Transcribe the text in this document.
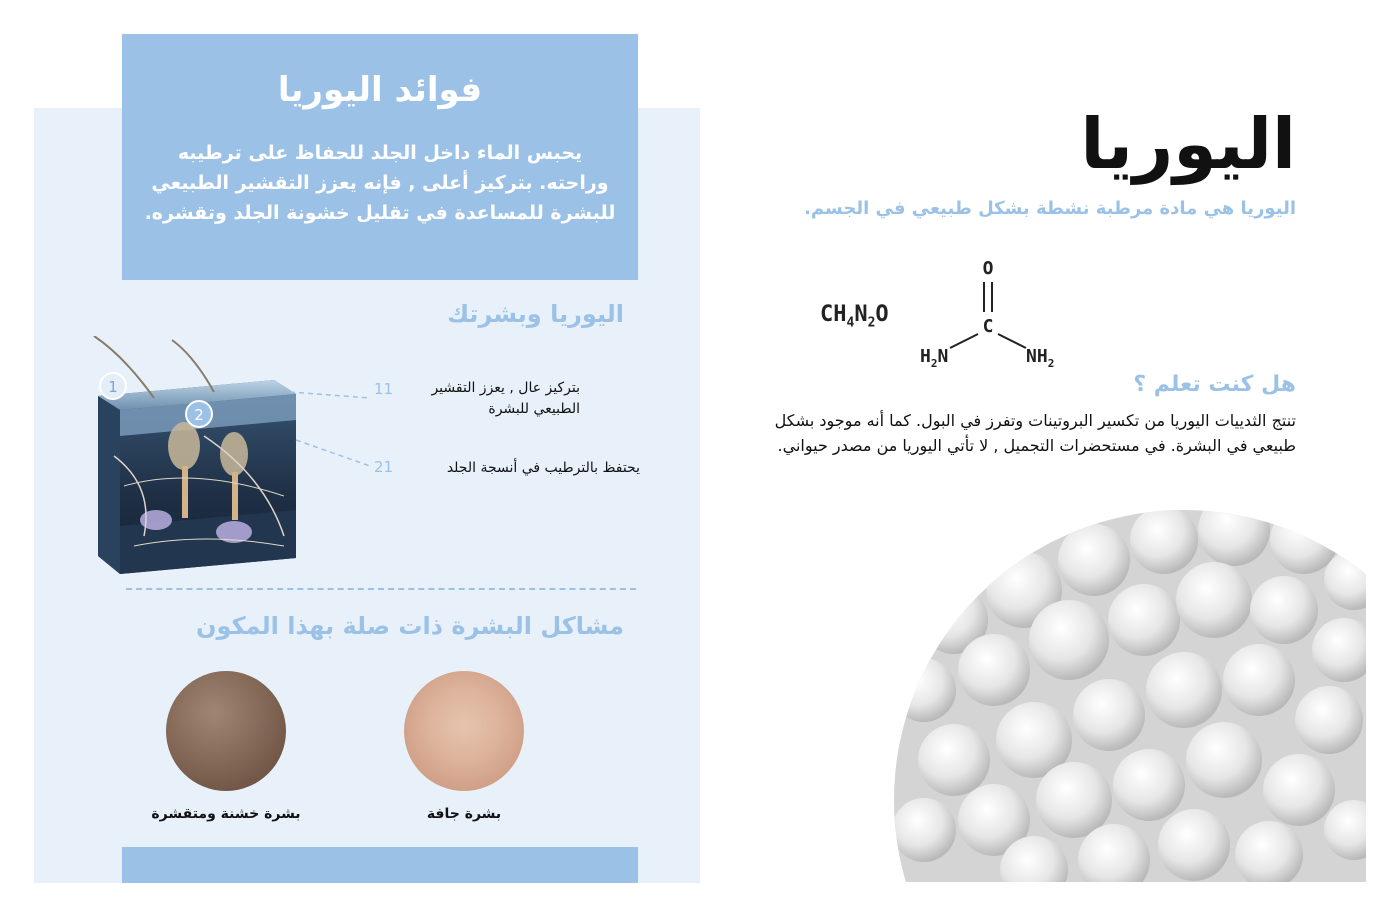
فوائد اليوريا
يحبس الماء داخل الجلد للحفاظ على ترطيبه وراحته. بتركيز أعلى , فإنه يعزز التقشير الطبيعي للبشرة للمساعدة في تقليل خشونة الجلد وتقشره.
اليوريا وبشرتك
1
2
11	بتركيز عال , يعزز التقشير الطبيعي للبشرة
21	يحتفظ بالترطيب في أنسجة الجلد
مشاكل البشرة ذات صلة بهذا المكون
بشرة خشنة ومتقشرة	بشرة جافة
اليوريا
اليوريا هي مادة مرطبة نشطة بشكل طبيعي في الجسم.
$CH_4N_2O$
O
C
$H_2N$	$NH_2$
هل كنت تعلم ؟
تنتج الثدييات اليوريا من تكسير البروتينات وتفرز في البول. كما أنه موجود بشكل طبيعي في البشرة. في مستحضرات التجميل , لا تأتي اليوريا من مصدر حيواني.
